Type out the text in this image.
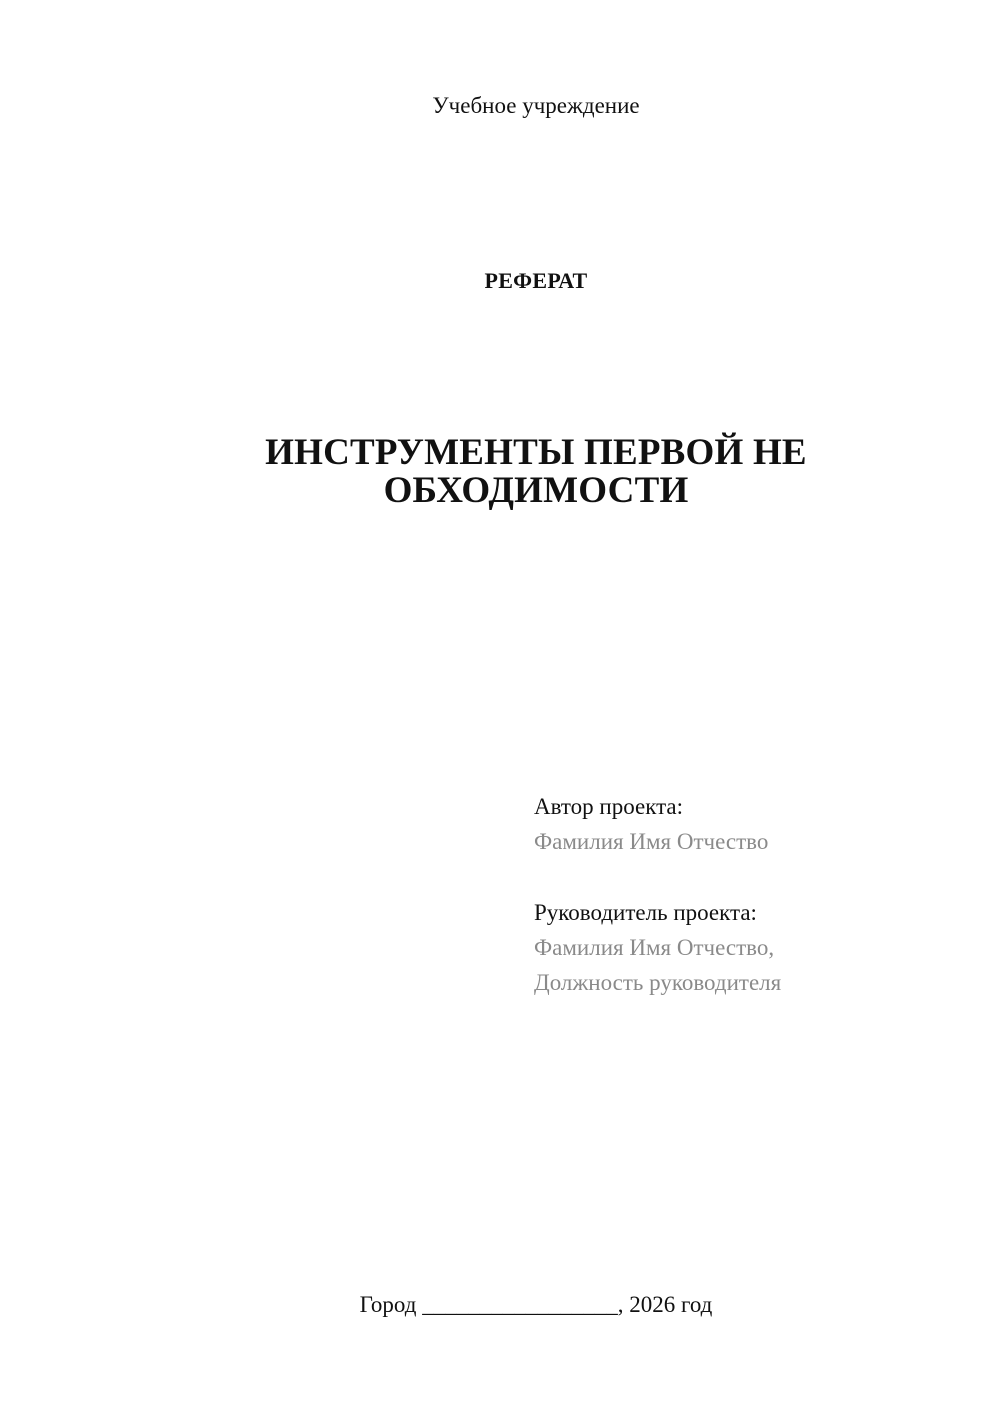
Учебное учреждение
РЕФЕРАТ
ИНСТРУМЕНТЫ ПЕРВОЙ НЕ
ОБХОДИМОСТИ
Автор проекта:
Фамилия Имя Отчество
Руководитель проекта:
Фамилия Имя Отчество,
Должность руководителя
Город _________________, 2026 год
